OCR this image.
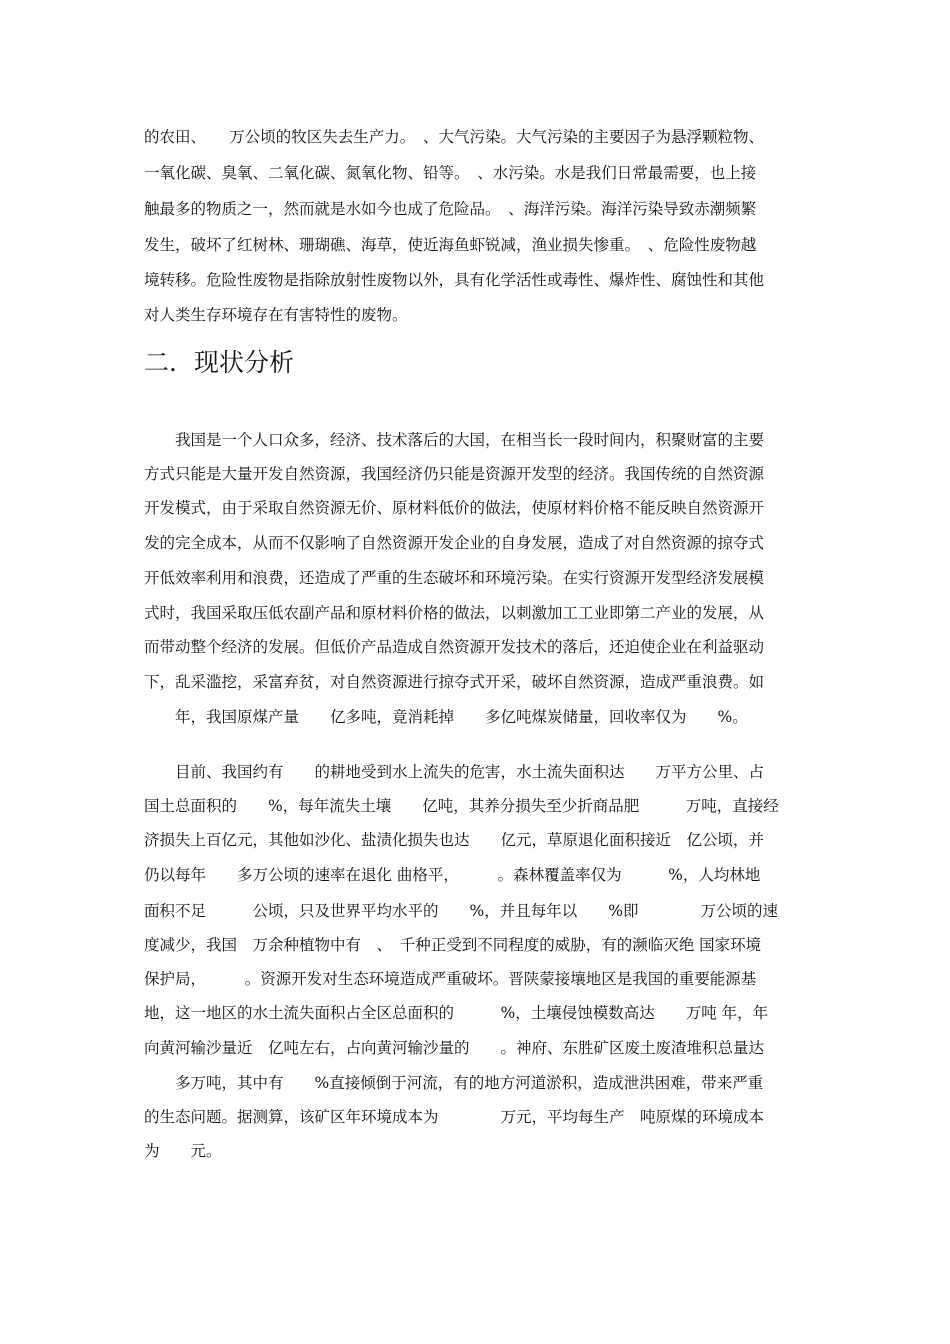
的农田、　　万公顷的牧区失去生产力。　、大气污染。大气污染的主要因子为悬浮颗粒物、
一氧化碳、臭氧、二氧化碳、氮氧化物、铅等。　、水污染。水是我们日常最需要，也上接
触最多的物质之一，然而就是水如今也成了危险品。　、海洋污染。海洋污染导致赤潮频繁
发生，破坏了红树林、珊瑚礁、海草，使近海鱼虾锐减，渔业损失惨重。　、危险性废物越
境转移。危险性废物是指除放射性废物以外，具有化学活性或毒性、爆炸性、腐蚀性和其他
对人类生存环境存在有害特性的废物。
二．现状分析
　　我国是一个人口众多，经济、技术落后的大国，在相当长一段时间内，积聚财富的主要
方式只能是大量开发自然资源，我国经济仍只能是资源开发型的经济。我国传统的自然资源
开发模式，由于采取自然资源无价、原材料低价的做法，使原材料价格不能反映自然资源开
发的完全成本，从而不仅影响了自然资源开发企业的自身发展，造成了对自然资源的掠夺式
开低效率利用和浪费，还造成了严重的生态破坏和环境污染。在实行资源开发型经济发展模
式时，我国采取压低农副产品和原材料价格的做法，以刺激加工工业即第二产业的发展，从
而带动整个经济的发展。但低价产品造成自然资源开发技术的落后，还迫使企业在利益驱动
下，乱采滥挖，采富弃贫，对自然资源进行掠夺式开采，破坏自然资源，造成严重浪费。如
　　年，我国原煤产量　　亿多吨，竟消耗掉　　多亿吨煤炭储量，回收率仅为　　%。
　　目前、我国约有　　的耕地受到水上流失的危害，水土流失面积达　　万平方公里、占
国土总面积的　　%，每年流失土壤　　亿吨，其养分损失至少折商品肥　　　万吨，直接经
济损失上百亿元，其他如沙化、盐渍化损失也达　　亿元，草原退化面积接近　亿公顷，并
仍以每年　　多万公顷的速率在退化 曲格平，　　　。森林覆盖率仅为　　　%，人均林地
面积不足　　　公顷，只及世界平均水平的　　%，并且每年以　　%即　　　　万公顷的速
度减少，我国　万余种植物中有　、　千种正受到不同程度的威胁，有的濒临灭绝 国家环境
保护局，　　　。资源开发对生态环境造成严重破坏。晋陕蒙接壤地区是我国的重要能源基
地，这一地区的水土流失面积占全区总面积的　　　%，土壤侵蚀模数高达　　万吨 年，年
向黄河输沙量近　亿吨左右，占向黄河输沙量的　　。神府、东胜矿区废土废渣堆积总量达
　　多万吨，其中有　　%直接倾倒于河流，有的地方河道淤积，造成泄洪困难，带来严重
的生态问题。据测算，该矿区年环境成本为　　　　万元，平均每生产　吨原煤的环境成本
为　　元。
